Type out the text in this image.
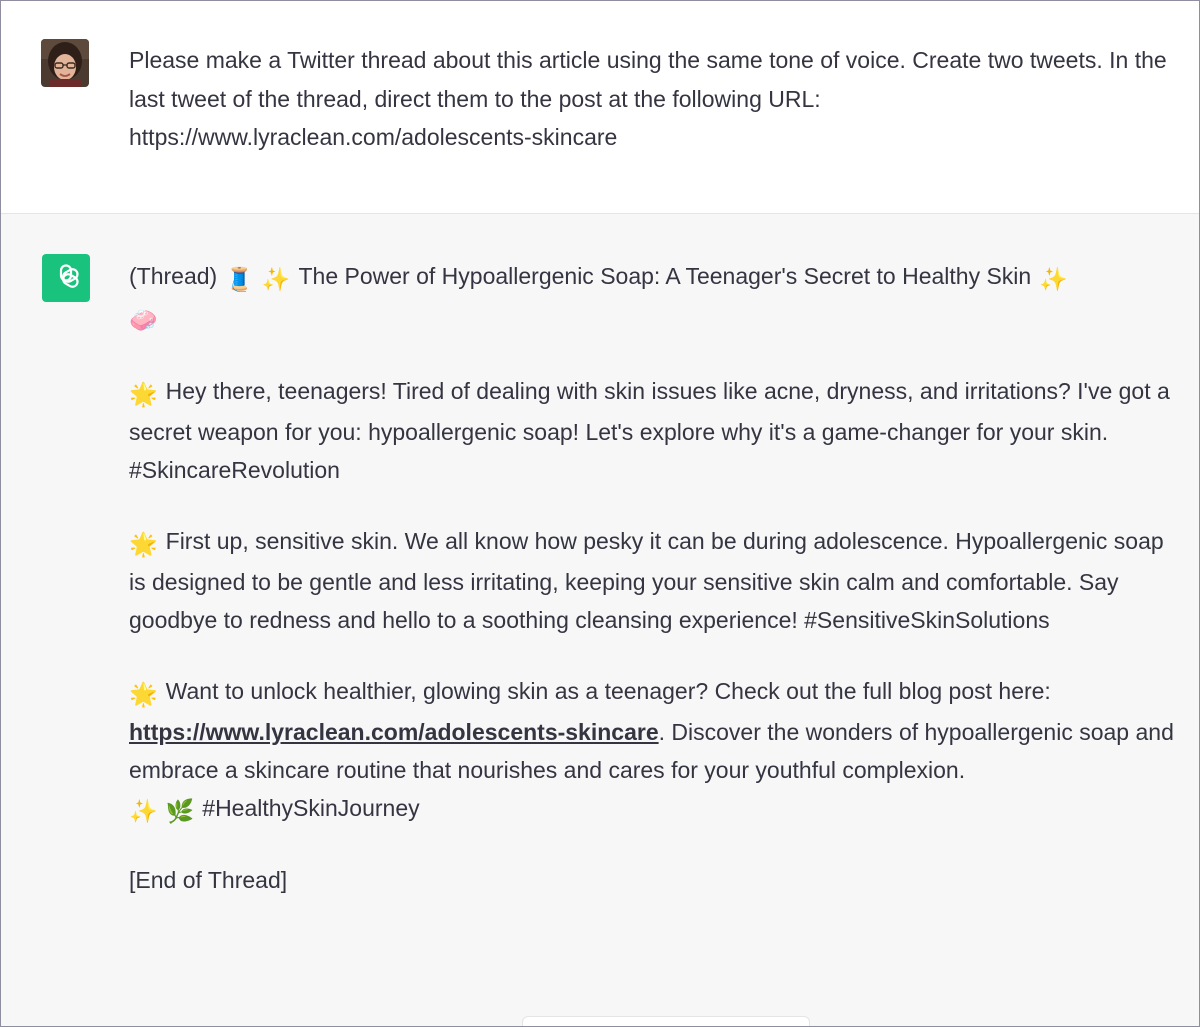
Please make a Twitter thread about this article using the same tone of voice. Create two tweets. In the last tweet of the thread, direct them to the post at the following URL: https://www.lyraclean.com/adolescents-skincare

(Thread) 🧵 ✨ The Power of Hypoallergenic Soap: A Teenager's Secret to Healthy Skin ✨
🧼

🌟 Hey there, teenagers! Tired of dealing with skin issues like acne, dryness, and irritations? I've got a secret weapon for you: hypoallergenic soap! Let's explore why it's a game-changer for your skin. #SkincareRevolution

🌟 First up, sensitive skin. We all know how pesky it can be during adolescence. Hypoallergenic soap is designed to be gentle and less irritating, keeping your sensitive skin calm and comfortable. Say goodbye to redness and hello to a soothing cleansing experience! #SensitiveSkinSolutions

🌟 Want to unlock healthier, glowing skin as a teenager? Check out the full blog post here: https://www.lyraclean.com/adolescents-skincare. Discover the wonders of hypoallergenic soap and embrace a skincare routine that nourishes and cares for your youthful complexion.
✨ 🌿 #HealthySkinJourney

[End of Thread]
